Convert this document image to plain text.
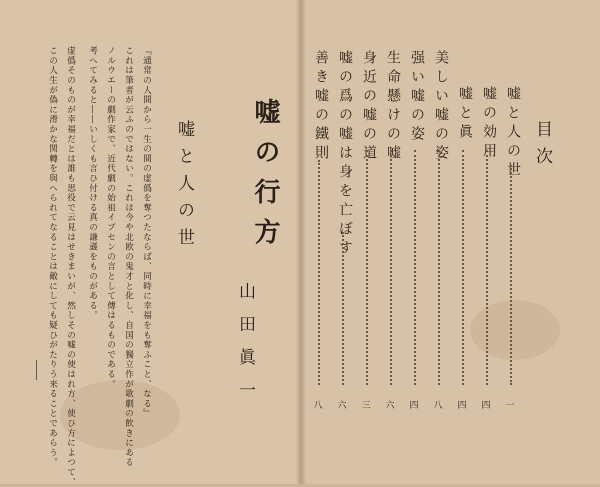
目次
嘘と人の世
一
嘘の効用
四
嘘と眞
四
美しい嘘の姿
八
强い嘘の姿
四
生命懸けの嘘
六
身近の嘘の道
三
嘘の爲の嘘は身を亡ぼす
六
善き嘘の鐵則
八
嘘の行方
嘘と人の世
山田眞一
『通常の人間から一生の間の虚僞を奪つたならば、同時に幸福をも奪ふこと、なる』
これは筆者が云ふのではない。これは今や北欧の鬼才と化し、自国の獨立作が歌劇の飲きにある
ノルウエーの劇作家で、近代劇の始祖イプセンの言として傳はるものである。
考へてみると――いしくも言ひ付ける真の謙遜をものがある。
虚僞そのものが幸福だとは誰も思役で云見はせきまいが、然しその嘘の使はれ方、使ひ方によつて、
この人生が偽に滑かな関轉を與へられてなることは敵にしても疑ひがたりう来ることであらう。
